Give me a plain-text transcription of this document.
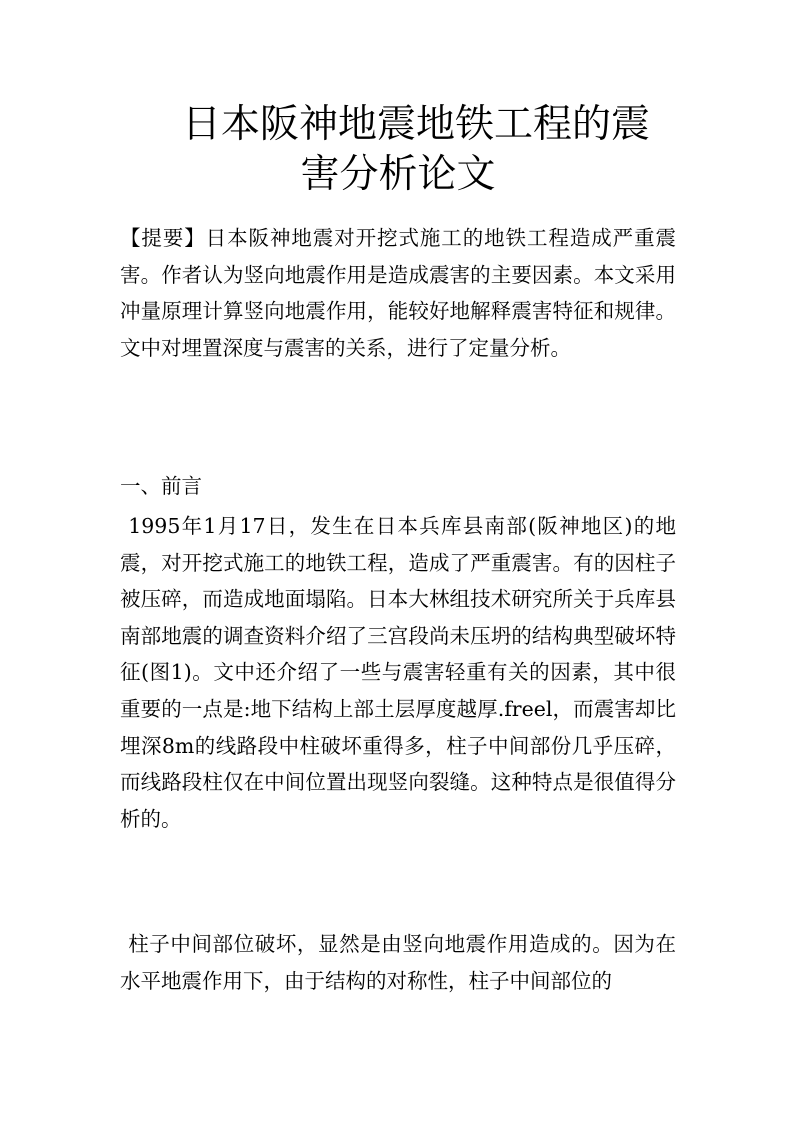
日本阪神地震地铁工程的震
害分析论文

【提要】日本阪神地震对开挖式施工的地铁工程造成严重震害。作者认为竖向地震作用是造成震害的主要因素。本文采用冲量原理计算竖向地震作用，能较好地解释震害特征和规律。文中对埋置深度与震害的关系，进行了定量分析。

一、前言

1995年1月17日，发生在日本兵库县南部(阪神地区)的地震，对开挖式施工的地铁工程，造成了严重震害。有的因柱子被压碎，而造成地面塌陷。日本大林组技术研究所关于兵库县南部地震的调查资料介绍了三宫段尚未压坍的结构典型破坏特征(图1)。文中还介绍了一些与震害轻重有关的因素，其中很重要的一点是:地下结构上部土层厚度越厚.freel，而震害却比埋深8m的线路段中柱破坏重得多，柱子中间部份几乎压碎，而线路段柱仅在中间位置出现竖向裂缝。这种特点是很值得分析的。

柱子中间部位破坏，显然是由竖向地震作用造成的。因为在水平地震作用下，由于结构的对称性，柱子中间部位的
